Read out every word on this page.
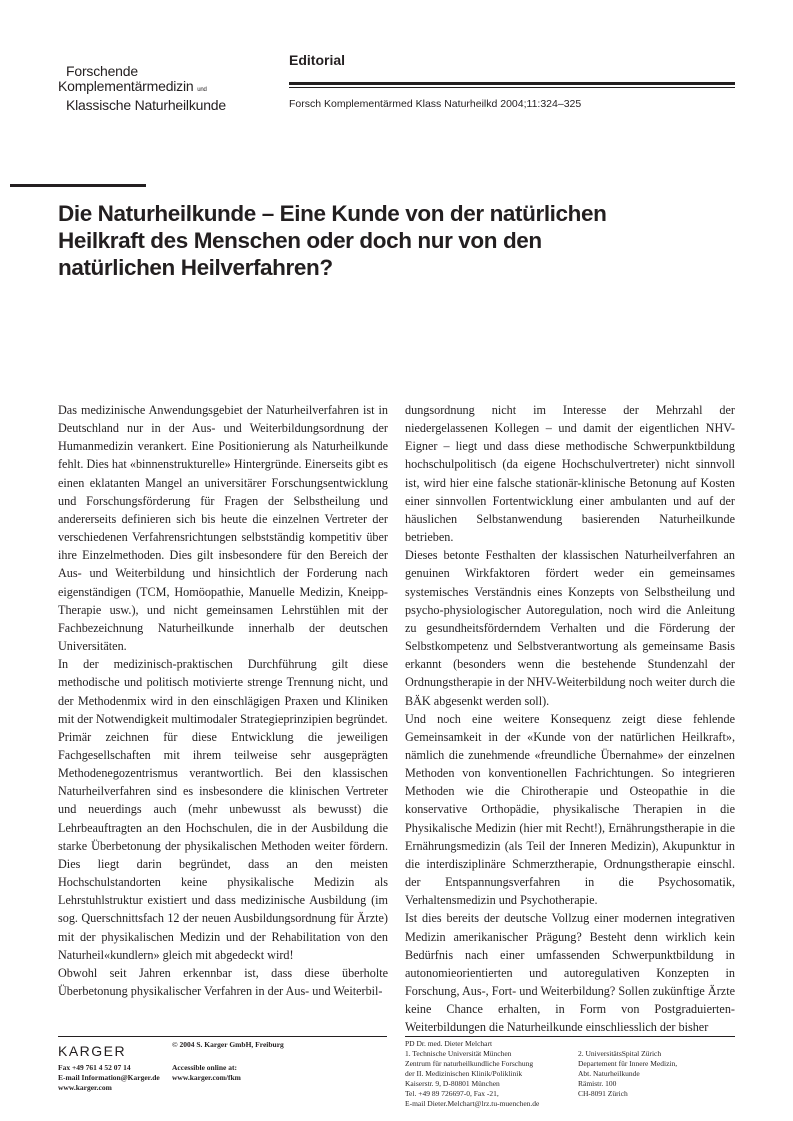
Forschende
Komplementärmedizin und
Klassische Naturheilkunde
Editorial
Forsch Komplementärmed Klass Naturheilkd 2004;11:324–325
Die Naturheilkunde – Eine Kunde von der natürlichen
Heilkraft des Menschen oder doch nur von den
natürlichen Heilverfahren?

Das medizinische Anwendungsgebiet der Naturheilverfahren ist in Deutschland nur in der Aus- und Weiterbildungsordnung der Humanmedizin verankert. Eine Positionierung als Naturheilkunde fehlt. Dies hat «binnenstrukturelle» Hintergründe. Einerseits gibt es einen eklatanten Mangel an universitärer Forschungsentwicklung und Forschungsförderung für Fragen der Selbstheilung und andererseits definieren sich bis heute die einzelnen Vertreter der verschiedenen Verfahrensrichtungen selbstständig kompetitiv über ihre Einzelmethoden. Dies gilt insbesondere für den Bereich der Aus- und Weiterbildung und hinsichtlich der Forderung nach eigenständigen (TCM, Homöopathie, Manuelle Medizin, Kneipp-Therapie usw.), und nicht gemeinsamen Lehrstühlen mit der Fachbezeichnung Naturheilkunde innerhalb der deutschen Universitäten.

In der medizinisch-praktischen Durchführung gilt diese methodische und politisch motivierte strenge Trennung nicht, und der Methodenmix wird in den einschlägigen Praxen und Kliniken mit der Notwendigkeit multimodaler Strategieprinzipien begründet.

Primär zeichnen für diese Entwicklung die jeweiligen Fachgesellschaften mit ihrem teilweise sehr ausgeprägten Methodenegozentrismus verantwortlich. Bei den klassischen Naturheilverfahren sind es insbesondere die klinischen Vertreter und neuerdings auch (mehr unbewusst als bewusst) die Lehrbeauftragten an den Hochschulen, die in der Ausbildung die starke Überbetonung der physikalischen Methoden weiter fördern. Dies liegt darin begründet, dass an den meisten Hochschulstandorten keine physikalische Medizin als Lehrstuhlstruktur existiert und dass medizinische Ausbildung (im sog. Querschnittsfach 12 der neuen Ausbildungsordnung für Ärzte) mit der physikalischen Medizin und der Rehabilitation von den Naturheil«kundlern» gleich mit abgedeckt wird!

Obwohl seit Jahren erkennbar ist, dass diese überholte Überbetonung physikalischer Verfahren in der Aus- und Weiterbil-

dungsordnung nicht im Interesse der Mehrzahl der niedergelassenen Kollegen – und damit der eigentlichen NHV-Eigner – liegt und dass diese methodische Schwerpunktbildung hochschulpolitisch (da eigene Hochschulvertreter) nicht sinnvoll ist, wird hier eine falsche stationär-klinische Betonung auf Kosten einer sinnvollen Fortentwicklung einer ambulanten und auf der häuslichen Selbstanwendung basierenden Naturheilkunde betrieben.

Dieses betonte Festhalten der klassischen Naturheilverfahren an genuinen Wirkfaktoren fördert weder ein gemeinsames systemisches Verständnis eines Konzepts von Selbstheilung und psycho-physiologischer Autoregulation, noch wird die Anleitung zu gesundheitsförderndem Verhalten und die Förderung der Selbstkompetenz und Selbstverantwortung als gemeinsame Basis erkannt (besonders wenn die bestehende Stundenzahl der Ordnungstherapie in der NHV-Weiterbildung noch weiter durch die BÄK abgesenkt werden soll).

Und noch eine weitere Konsequenz zeigt diese fehlende Gemeinsamkeit in der «Kunde von der natürlichen Heilkraft», nämlich die zunehmende «freundliche Übernahme» der einzelnen Methoden von konventionellen Fachrichtungen. So integrieren Methoden wie die Chirotherapie und Osteopathie in die konservative Orthopädie, physikalische Therapien in die Physikalische Medizin (hier mit Recht!), Ernährungstherapie in die Ernährungsmedizin (als Teil der Inneren Medizin), Akupunktur in die interdisziplinäre Schmerztherapie, Ordnungstherapie einschl. der Entspannungsverfahren in die Psychosomatik, Verhaltensmedizin und Psychotherapie.

Ist dies bereits der deutsche Vollzug einer modernen integrativen Medizin amerikanischer Prägung? Besteht denn wirklich kein Bedürfnis nach einer umfassenden Schwerpunktbildung in autonomieorientierten und autoregulativen Konzepten in Forschung, Aus-, Fort- und Weiterbildung? Sollen zukünftige Ärzte keine Chance erhalten, in Form von Postgraduierten-Weiterbildungen die Naturheilkunde einschliesslich der bisher

KARGER
Fax +49 761 4 52 07 14
E-mail Information@Karger.de
www.karger.com
© 2004 S. Karger GmbH, Freiburg
Accessible online at:
www.karger.com/fkm
PD Dr. med. Dieter Melchart
1. Technische Universität München
Zentrum für naturheilkundliche Forschung
der II. Medizinischen Klinik/Poliklinik
Kaiserstr. 9, D-80801 München
Tel. +49 89 726697-0, Fax -21,
E-mail Dieter.Melchart@lrz.tu-muenchen.de
2. UniversitätsSpital Zürich
Departement für Innere Medizin,
Abt. Naturheilkunde
Rämistr. 100
CH-8091 Zürich
